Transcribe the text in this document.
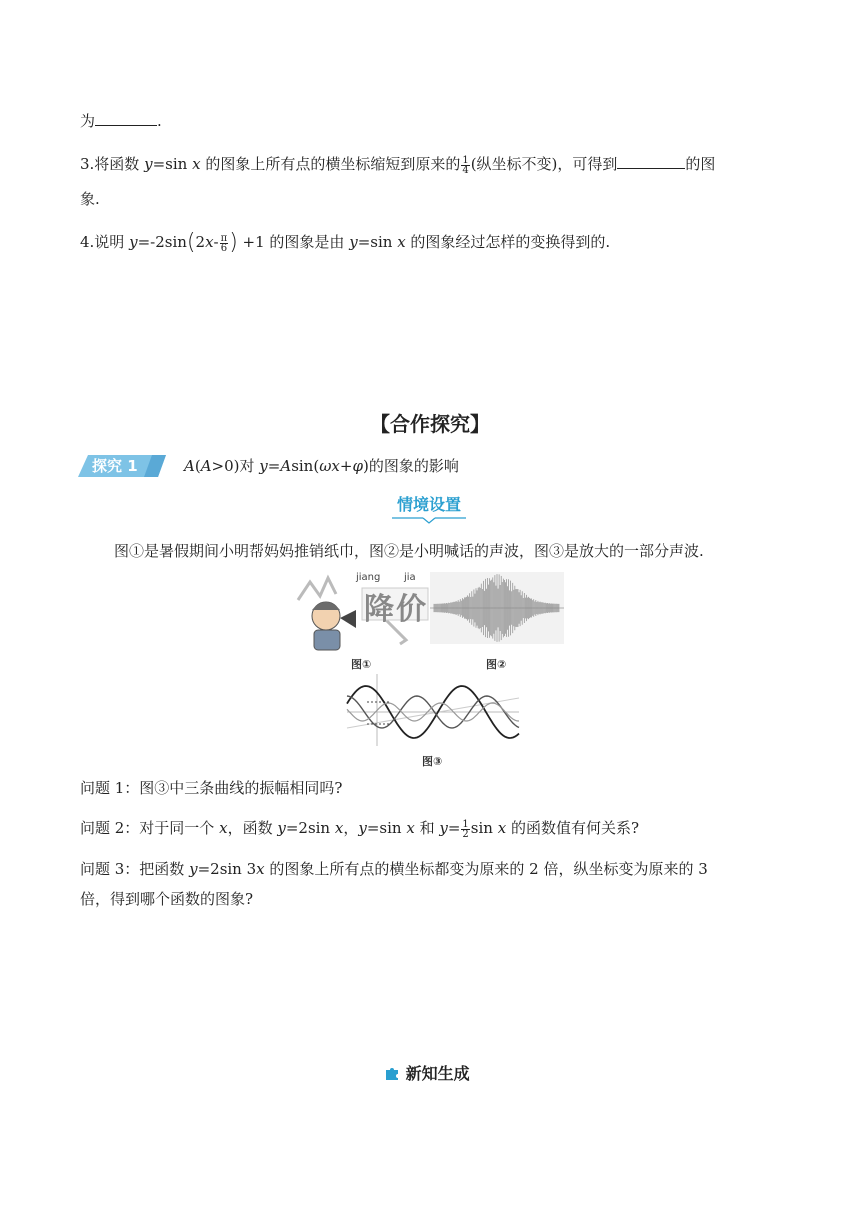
为	.
3.将函数 y=sin x 的图象上所有点的横坐标缩短到原来的 $\frac{1}{4}$ (纵坐标不变)，可得到	的图
象.
4.说明 $y=-2\sin(2x- \frac{\pi}{6}$ ) +1 的图象是由 y=sin x 的图象经过怎样的变换得到的.
【合作探究】
探究 1	A(A>0)对 y=Asin(ωx+φ)的图象的影响
情境设置
图①是暑假期间小明帮妈妈推销纸巾，图②是小明喊话的声波，图③是放大的一部分声波.
jiang jia
降价
图①	图②
图③
问题 1：图③中三条曲线的振幅相同吗?
问题 2：对于同一个 x，函数 y=2sin x，y=sin x 和 $y= \frac{1}{2}$ sin x 的函数值有何关系?
问题 3：把函数 y=2sin 3x 的图象上所有点的横坐标都变为原来的 2 倍，纵坐标变为原来的 3
倍，得到哪个函数的图象?
新知生成
